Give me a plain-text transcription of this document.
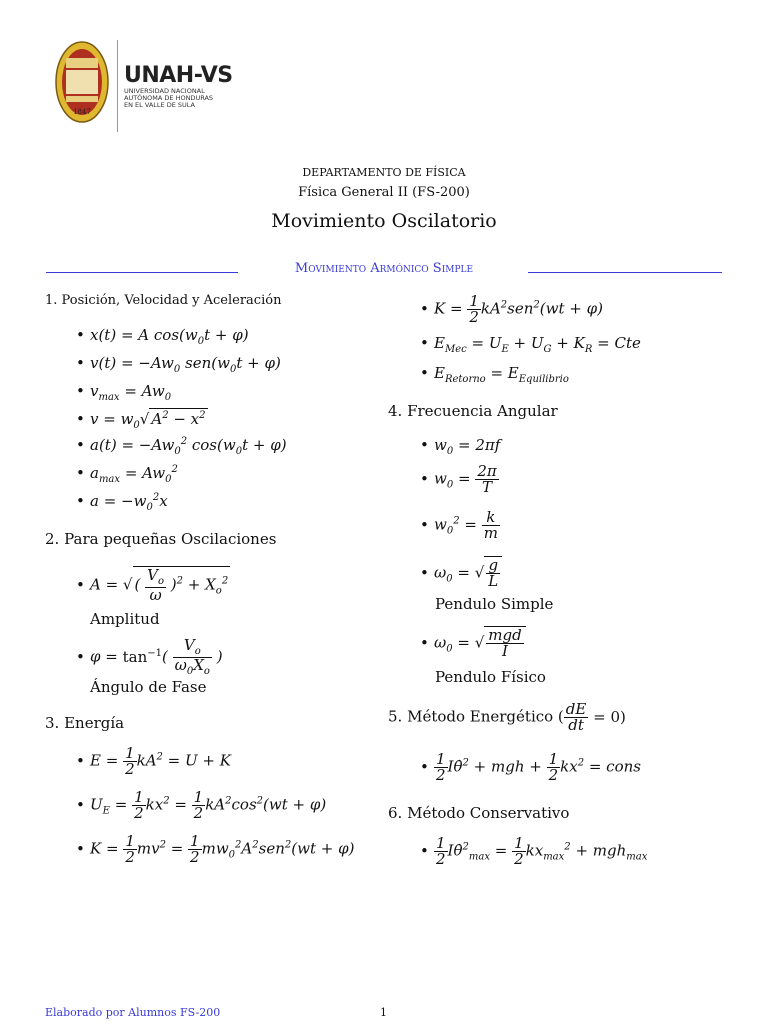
1847
UNAH-VS
UNIVERSIDAD NACIONAL
AUTÓNOMA DE HONDURAS
EN EL VALLE DE SULA
DEPARTAMENTO DE FÍSICA
Física General II (FS-200)
Movimiento Oscilatorio
Movimiento Armónico Simple
1. Posición, Velocidad y Aceleración
• x(t) = A $\cos(w_0t + \varphi)$
• $v(t) = -Aw_0$ $sen(w_0t + \varphi)$
• $v_{max} = Aw_0$
• $v = w_0√$ $A^2 - x^2$
• $a(t) = -Aw_0^2$ $\cos(w_0t + \varphi)$
• $a_{max} = Aw_0^2$
• $a = -w_0^2x$
2. Para pequeñas Oscilaciones
• A = √ ( $\frac{V_o}{\omega} )^2 + X_o^2$
Amplitud
• $\varphi = \tan^{-1}( \frac{V_o}{\omega_0X_o}$ )
Ángulo de Fase
3. Energía
• $E = \frac{1}{2} kA^2 = U + K$
• $U_E = \frac{1}{2} kx^2 = \frac{1}{2} kA^2\cos^2(wt + \varphi)$
• $K = \frac{1}{2} mv^2 = \frac{1}{2} mw_0^2A^2sen^2(wt + \varphi)$
• $K = \frac{1}{2} kA^2sen^2(wt + \varphi)$
• $E_{Mec} = U_E + U_G + K_R$ = Cte
• $E_{Retorno} = E_{Equilibrio}$
4. Frecuencia Angular
• $w_0 = 2\pi f$
• $w_0 = \frac{2\pi}{T}$
• $w_0^2 = \frac{k}{m}$
• $\omega_0$ = √ $\frac{g}{L}$
Pendulo Simple
• $\omega_0$ = √ $\frac{\text{mgd}}{I}$
Pendulo Físico
5. Método Energético ( $\frac{dE}{dt} = 0$)
• $\frac{1}{2}$ Iθ̇$^2$ + mgh + $\frac{1}{2} kx^2$ = cons
6. Método Conservativo
• $\frac{1}{2}$ Iθ̇$^2_{max}$ = $\frac{1}{2} kx_{max}^2 + mgh_{max}$
Elaborado por Alumnos FS-200	1
